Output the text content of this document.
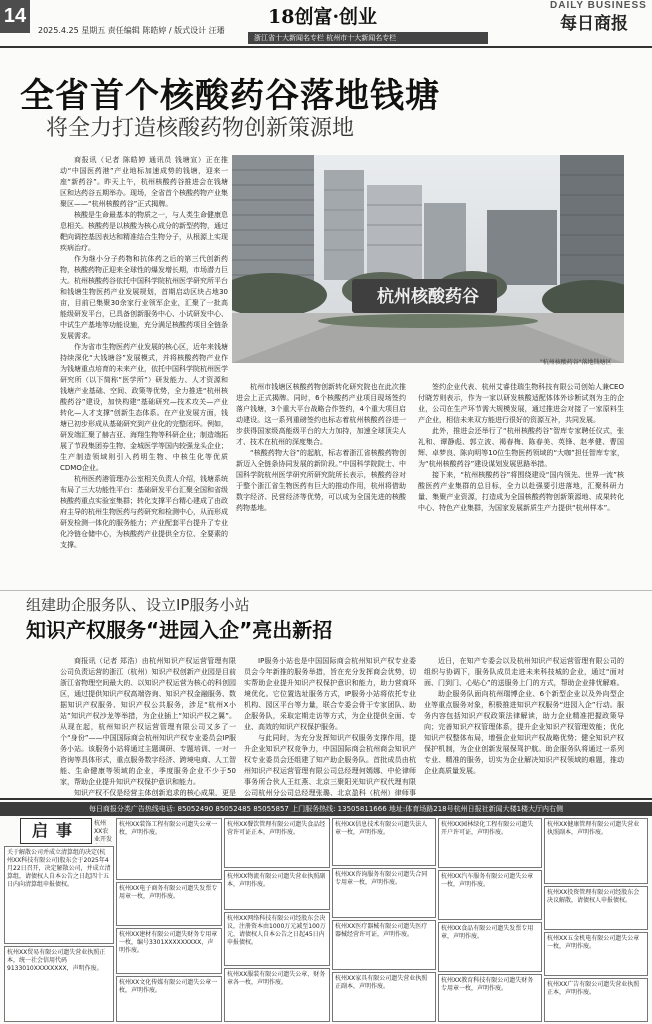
14
2025.4.25 星期五 责任编辑 陈皓婷 / 版式设计 汪璠
18创富·创业
浙江省十大新闻名专栏 杭州市十大新闻名专栏
DAILY BUSINESS
每日商报
全省首个核酸药谷落地钱塘
将全力打造核酸药物创新策源地
杭州核酸药谷
"杭州核酸药谷"落地钱塘区

商报讯（记者 陈皓婷 通讯员 钱塘宣）正在推动“中国医药港”产业地标加速成势的钱塘，迎来一座“新药谷”。昨天上午，杭州核酸药谷推进会在钱塘区和达药谷五期举办。现场，全省首个核酸药物产业集聚区——“杭州核酸药谷”正式揭牌。

核酸是生命最基本的物质之一，与人类生命健康息息相关。核酸药是以核酸为核心成分的新型药物，通过靶向调控基因表达和精准结合生物分子，从根源上实现疾病治疗。

作为继小分子药物和抗体药之后的第三代创新药物，核酸药物正迎来全球性的爆发增长期，市场潜力巨大。杭州核酸药谷依托中国科学院杭州医学研究所平台和钱塘生物医药产业发展规划，首期启动区块占地30亩，目前已集聚30余家行业领军企业，汇聚了一批高能级研发平台，已具备创新服务中心、小试研发中心、中试生产基地等功能设施，充分满足核酸药项目全链条发展需求。

作为省市生物医药产业发展的核心区，近年来钱塘持续深化“大钱塘谷”发展模式，并将核酸药物产业作为钱塘重点培育的未来产业，依托中国科学院杭州医学研究所（以下简称“医学所”）研发能力、人才资源和钱塘产业基础、空间、政策等优势，全力推进“杭州核酸药谷”建设，加快构建“基础研究—技术攻关—产业转化—人才支撑”创新生态体系。在产业发展方面，钱塘已初步形成从基础研究到产业化的完整闭环。例如，研发端汇聚了赫吉亚、海翔生物等科研企业；制造端拓展了节段集团券生物、金城医学等国内较强龙头企业；生产制造领域则引入药明生物、中核生化等优质CDMO企业。

杭州医药港管理办公室相关负责人介绍，钱塘系统布局了三大功能性平台：基础研发平台汇聚全国和省级核酸药重点实验室集群；转化支撑平台精心建成了由政府主导的杭州生物医药与药研究和检测中心，从而形成研发检测一体化的服务能力；产业配套平台提升了专业化冷链仓储中心，为核酸药产业提供全方位、全要素的支撑。

杭州市钱塘区核酸药物创新转化研究院也在此次推进会上正式揭牌。同时，6个核酸药产业项目现场签约落户钱塘，3个重大平台战略合作签约，4个重大项目启动建设。这一系列重磅签约也标志着杭州核酸药谷进一步获得国家级高能级平台的大力加持，加速全球顶尖人才、技术在杭州的深度集合。

“核酸药物大谷”的起航，标志着浙江省核酸药物创新迈入全链条协同发展的新阶段。”中国科学院院士、中国科学院杭州医学研究所研究院所长表示，核酸药谷对于整个浙江省生物医药有巨大的推动作用，杭州将借助数字经济、民营经济等优势，可以成为全国先进的核酸药物基地。

签约企业代表、杭州艾睿佳瑞生物科技有限公司创始人兼CEO付晓芳则表示，作为一家以研发核酸适配体体外诊断试剂为主的企业，公司在生产环节需大规模发展，通过推进会对接了一家原料生产企业，相信未来双方能进行很好的资源互补，共同发展。

此外，推进会还举行了“杭州核酸药谷”智库专家聘任仪式，张礼和、谭静彪、郭立波、褐春梅、陈春美、英锋、赵孝健、曹国辉、卓梦良、陈向明等10位生物医药领域的“大咖”担任智库专家，为“杭州核酸药谷”建设谋划发展思路举措。

接下来，“杭州核酸药谷”将围绕建设“国内领先、世界一流”核酸医药产业集群的总目标，全力以赴强要引进落地，汇聚科研力量、集聚产业资源，打造成为全国核酸药物创新策源地、成果转化中心、特色产业集群，为国家发展新质生产力提供“杭州样本”。

组建助企服务队、设立IP服务小站
知识产权服务“进园入企”亮出新招

商报讯（记者 郑浩）由杭州知识产权运营管理有限公司负责运营的浙江（杭州）知识产权创新产业园是目前浙江省物理空间最大的、以知识产权运营为核心的科创园区，通过提供知识产权高端咨询、知识产权金融服务、数据知识产权服务、知识产权公共服务，涉足“杭州X小站”知识产权沙龙等举措，为企业插上“知识产权之翼”。从现在起，杭州知识产权运营管理有限公司又多了一个“身份”——中国国际商会杭州知识产权专业委员会IP服务小站。该服务小站将通过主题调研、专题培训、一对一咨询等具体形式，重点服务数字经济、跨境电商、人工智能、生命健康等领域的企业，季度服务企业不少于50家，帮助企业提升知识产权保护意识和能力。

知识产权不仅是经营主体创新追求的核心成果，更是

IP服务小站也是中国国际商会杭州知识产权专业委员会今年新推的服务举措，旨在充分发挥商会优势，切实帮助企业提升知识产权保护意识和能力，助力营商环境优化。它位置选址服务方式，IP服务小站将依托专业机构、园区平台等力量，联合专委会骨干专家团队、助企服务队，采取定期走访等方式，为企业提供全面、专业、高效的知识产权保护服务。

与此同时，为充分发挥知识产权服务支撑作用，提升企业知识产权竞争力，中国国际商会杭州商会知识产权专业委员会还组建了知产助企服务队。首批成员由杭州知识产权运营管理有限公司总经理何嫣娜、中伦律师事务所合伙人王红燕、北京三聚阳光知识产权代理有限公司杭州分公司总经理张璐、北京盈科（杭州）律师事

近日，在知产专委会以及杭州知识产权运营管理有限公司的组织与协调下，服务队成员走进未来科技城的企业，通过“面对面、门到门、心贴心”的送服务上门的方式，帮助企业排忧解难。

助企服务队面向杭州瑞博企业、6个新型企业以及外向型企业等重点服务对象，积极推进知识产权服务“进园入企”行动。服务内容包括知识产权政策法律解读，助力企业精准把握政策导向；完善知识产权管理体系，提升企业知识产权管理效能；优化知识产权整体布局，增强企业知识产权战略优势；健全知识产权保护机制，为企业创新发展保驾护航。助企服务队将通过一系列专业、精准的服务，切实为企业解决知识产权领域的难题，推动企业高质量发展。

每日商报分类广告热线电话: 85052490 85052485 85055857 上门服务热线: 13505811666 地址:体育场路218号杭州日报社新闻大楼1楼大厅内右侧
启事
关于解散公司并成立清算组的决定(杭州XX科技有限公司)股东会于2025年4月22日召开，决定解散公司，并成立清算组，请债权人自本公告之日起四十五日内向清算组申报债权。
杭州XX贸易有限公司遗失营业执照正本，统一社会信用代码9133010XXXXXXXX，声明作废。
杭州XX装饰工程有限公司遗失公章一枚，声明作废。
杭州XX电子商务有限公司遗失发票专用章一枚，声明作废。
杭州XX建材有限公司遗失财务专用章一枚，编号3301XXXXXXXXX，声明作废。
杭州XX文化传媒有限公司遗失公章一枚，声明作废。
杭州XX餐饮管理有限公司遗失食品经营许可证正本，声明作废。
杭州XX物流有限公司遗失营业执照副本，声明作废。
杭州XX网络科技有限公司经股东会决议，注册资本由1000万元减至100万元，请债权人自本公告之日起45日内申报债权。
杭州XX服装有限公司遗失公章、财务章各一枚，声明作废。
杭州XX信息技术有限公司遗失法人章一枚，声明作废。
杭州XX咨询服务有限公司遗失合同专用章一枚，声明作废。
杭州XX医疗器械有限公司遗失医疗器械经营许可证，声明作废。
杭州XX家具有限公司遗失营业执照正副本，声明作废。
杭州XX园林绿化工程有限公司遗失开户许可证，声明作废。
杭州XX汽车服务有限公司遗失公章一枚，声明作废。
杭州XX食品有限公司遗失发票专用章，声明作废。
杭州XX教育科技有限公司遗失财务专用章一枚，声明作废。
杭州XX健康管理有限公司遗失营业执照副本，声明作废。
杭州XX投资管理有限公司经股东会决议解散，请债权人申报债权。
杭州XX五金机电有限公司遗失公章一枚，声明作废。
杭州XX广告有限公司遗失营业执照正本，声明作废。
杭州XX农业开发
